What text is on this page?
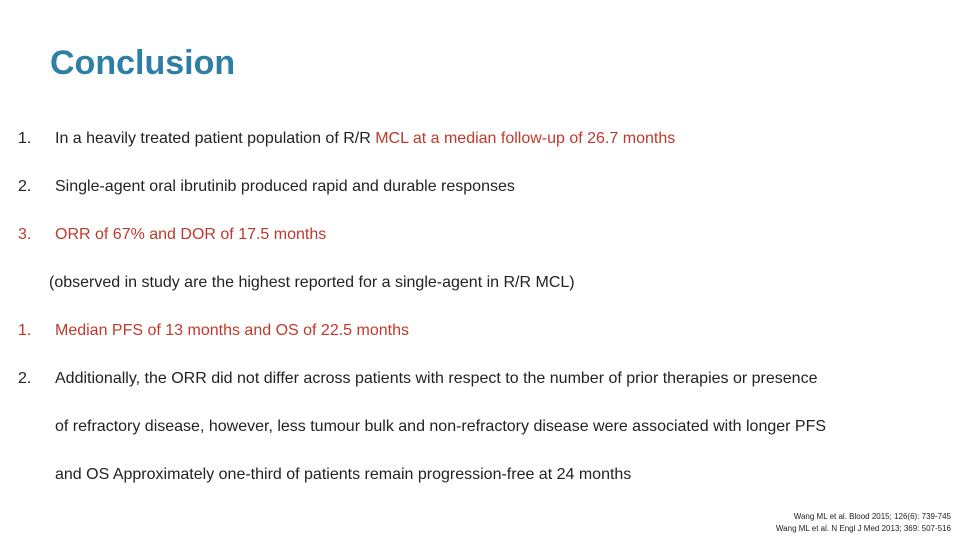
Conclusion
1.	In a heavily treated patient population of R/R MCL at a median follow-up of 26.7 months
2.	Single-agent oral ibrutinib produced rapid and durable responses
3.	ORR of 67% and DOR of 17.5 months
(observed in study are the highest reported for a single-agent in R/R MCL)
1.	Median PFS of 13 months and OS of 22.5 months
2.	Additionally, the ORR did not differ across patients with respect to the number of prior therapies or presence
of refractory disease, however, less tumour bulk and non-refractory disease were associated with longer PFS
and OS Approximately one-third of patients remain progression-free at 24 months
Wang ML et al. Blood 2015; 126(6): 739-745
Wang ML et al. N Engl J Med 2013; 369: 507-516
